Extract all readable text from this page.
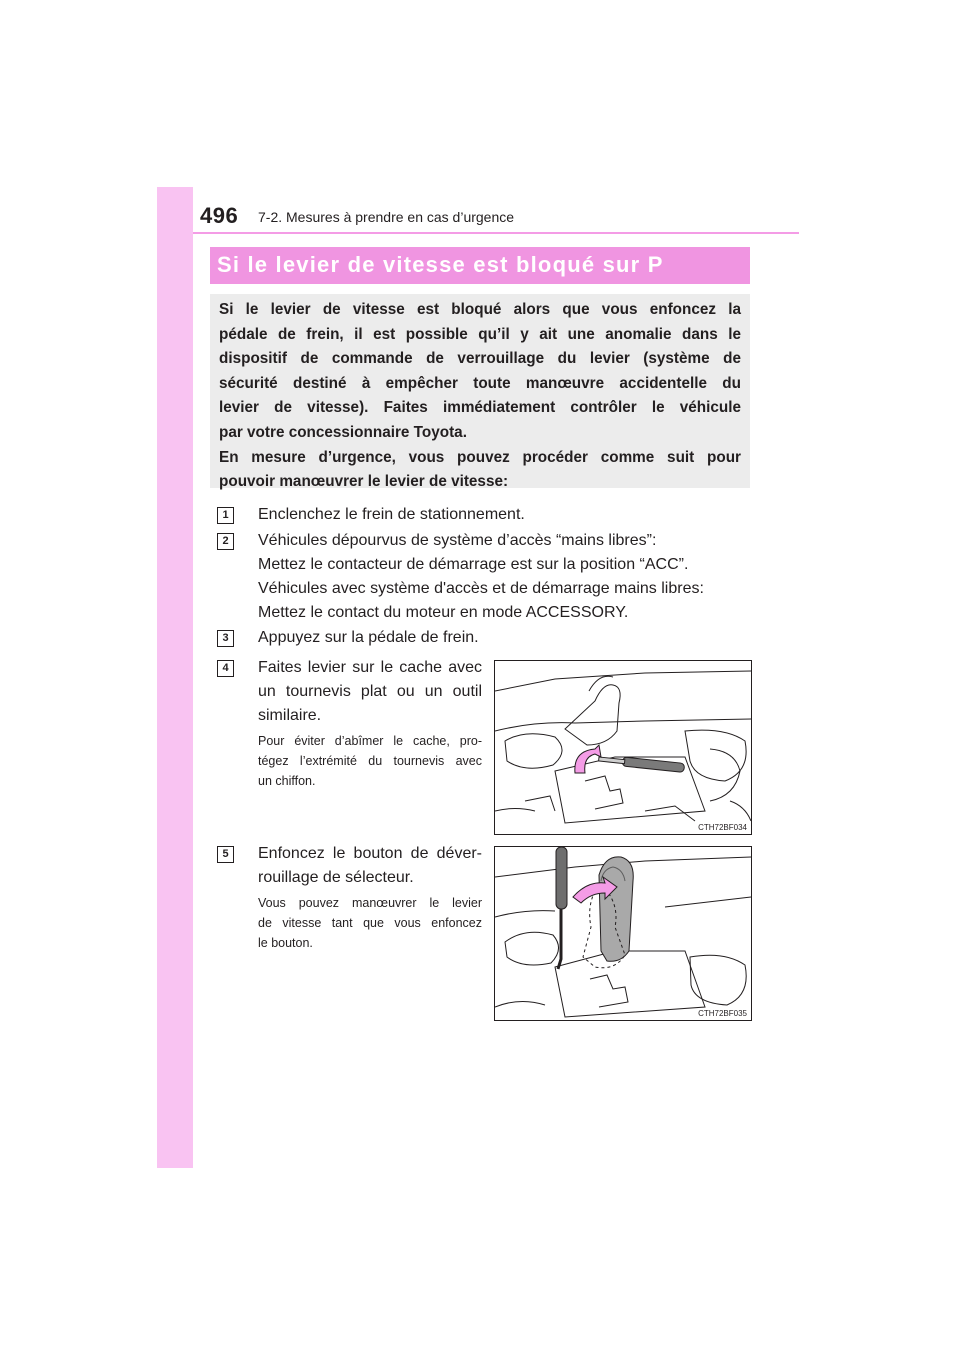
496 7-2. Mesures à prendre en cas d’urgence
Si le levier de vitesse est bloqué sur P
Si le levier de vitesse est bloqué alors que vous enfoncez la
pédale de frein, il est possible qu’il y ait une anomalie dans le
dispositif de commande de verrouillage du levier (système de
sécurité destiné à empêcher toute manœuvre accidentelle du
levier de vitesse). Faites immédiatement contrôler le véhicule
par votre concessionnaire Toyota.
En mesure d’urgence, vous pouvez procéder comme suit pour
pouvoir manœuvrer le levier de vitesse:
1	Enclenchez le frein de stationnement.
2	Véhicules dépourvus de système d’accès “mains libres”:
Mettez le contacteur de démarrage est sur la position “ACC”.
Véhicules avec système d'accès et de démarrage mains libres:
Mettez le contact du moteur en mode ACCESSORY.
3	Appuyez sur la pédale de frein.
4	Faites levier sur le cache avec
un tournevis plat ou un outil
similaire.
Pour éviter d’abîmer le cache, pro-
tégez l’extrémité du tournevis avec
un chiffon.
CTH72BF034
5	Enfoncez le bouton de déver-
rouillage de sélecteur.
Vous pouvez manœuvrer le levier
de vitesse tant que vous enfoncez
le bouton.
CTH72BF035
